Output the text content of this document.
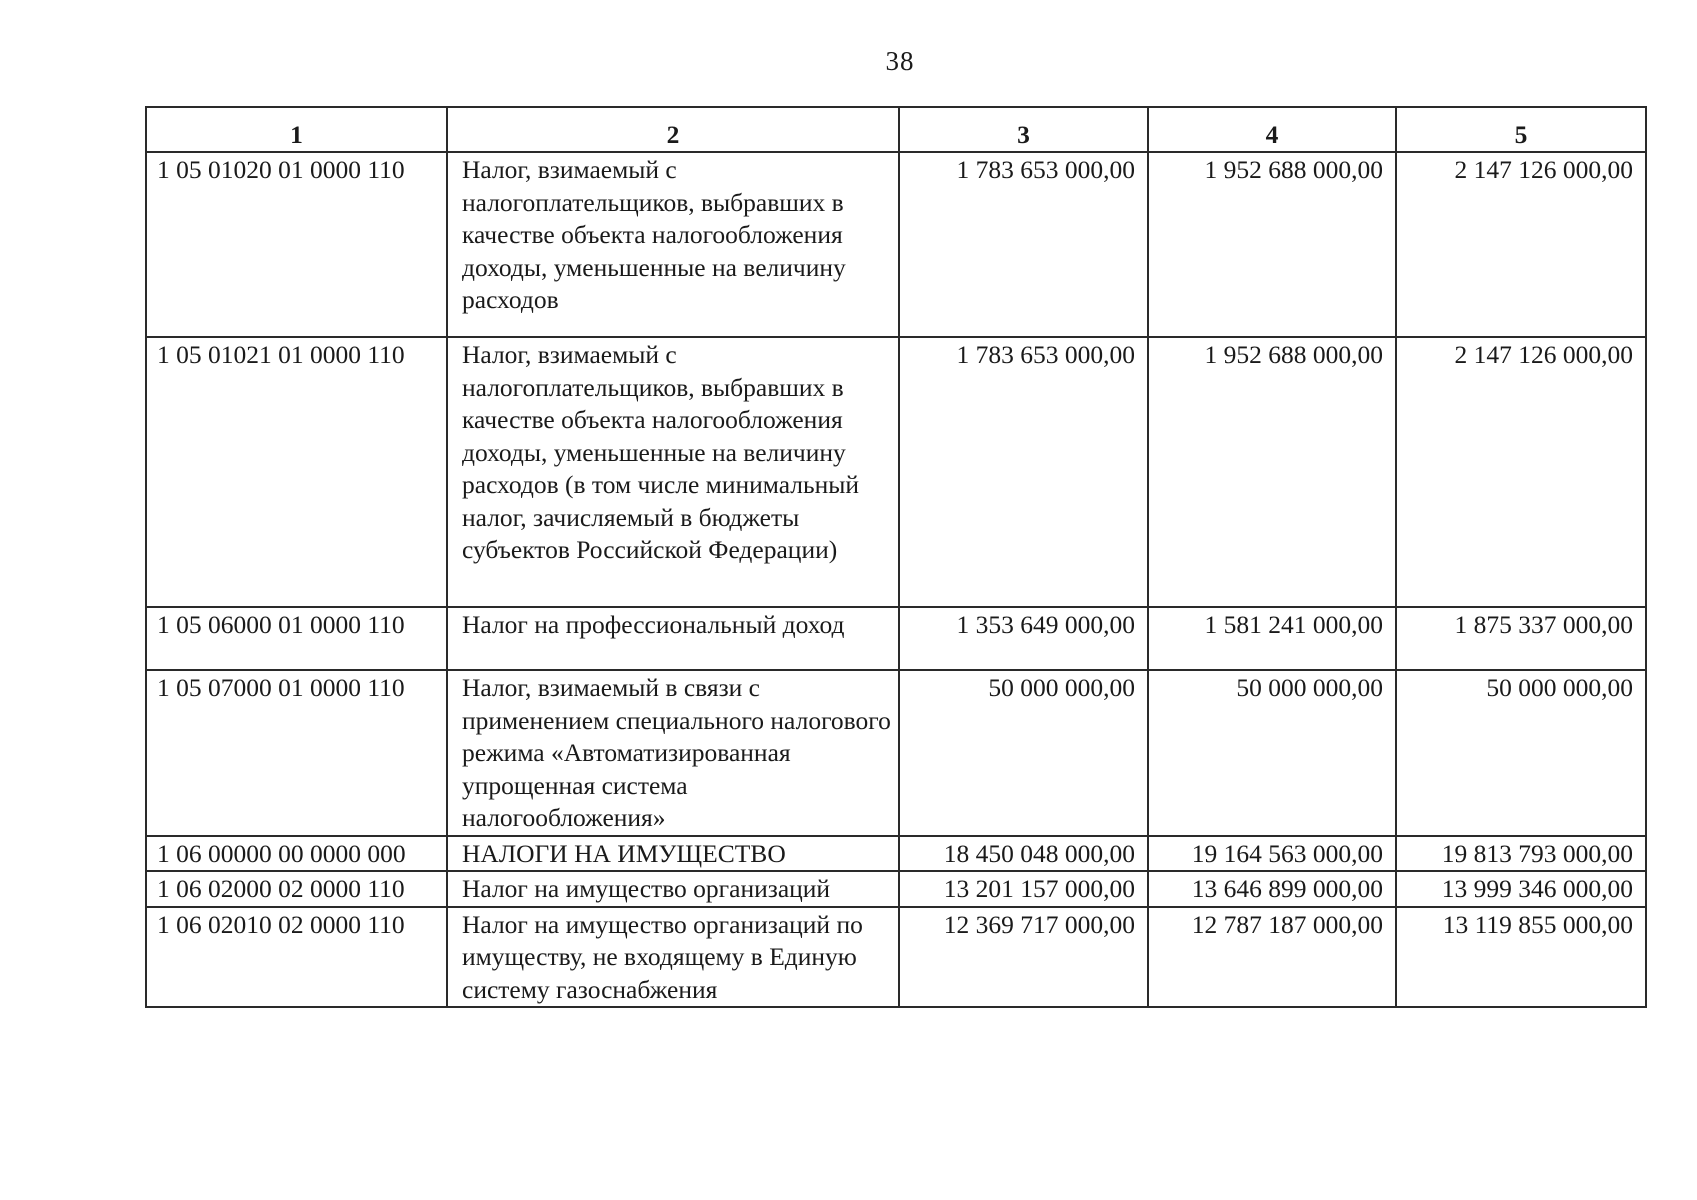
38
1	2	3	4	5
1 05 01020 01 0000 110	Налог, взимаемый с налогоплательщиков, выбравших в качестве объекта налогообложения доходы, уменьшенные на величину расходов	1 783 653 000,00	1 952 688 000,00	2 147 126 000,00
1 05 01021 01 0000 110	Налог, взимаемый с налогоплательщиков, выбравших в качестве объекта налогообложения доходы, уменьшенные на величину расходов (в том числе минимальный налог, зачисляемый в бюджеты субъектов Российской Федерации)	1 783 653 000,00	1 952 688 000,00	2 147 126 000,00
1 05 06000 01 0000 110	Налог на профессиональный доход	1 353 649 000,00	1 581 241 000,00	1 875 337 000,00
1 05 07000 01 0000 110	Налог, взимаемый в связи с применением специального налогового режима «Автоматизированная упрощенная система налогообложения»	50 000 000,00	50 000 000,00	50 000 000,00
1 06 00000 00 0000 000	НАЛОГИ НА ИМУЩЕСТВО	18 450 048 000,00	19 164 563 000,00	19 813 793 000,00
1 06 02000 02 0000 110	Налог на имущество организаций	13 201 157 000,00	13 646 899 000,00	13 999 346 000,00
1 06 02010 02 0000 110	Налог на имущество организаций по имуществу, не входящему в Единую систему газоснабжения	12 369 717 000,00	12 787 187 000,00	13 119 855 000,00
